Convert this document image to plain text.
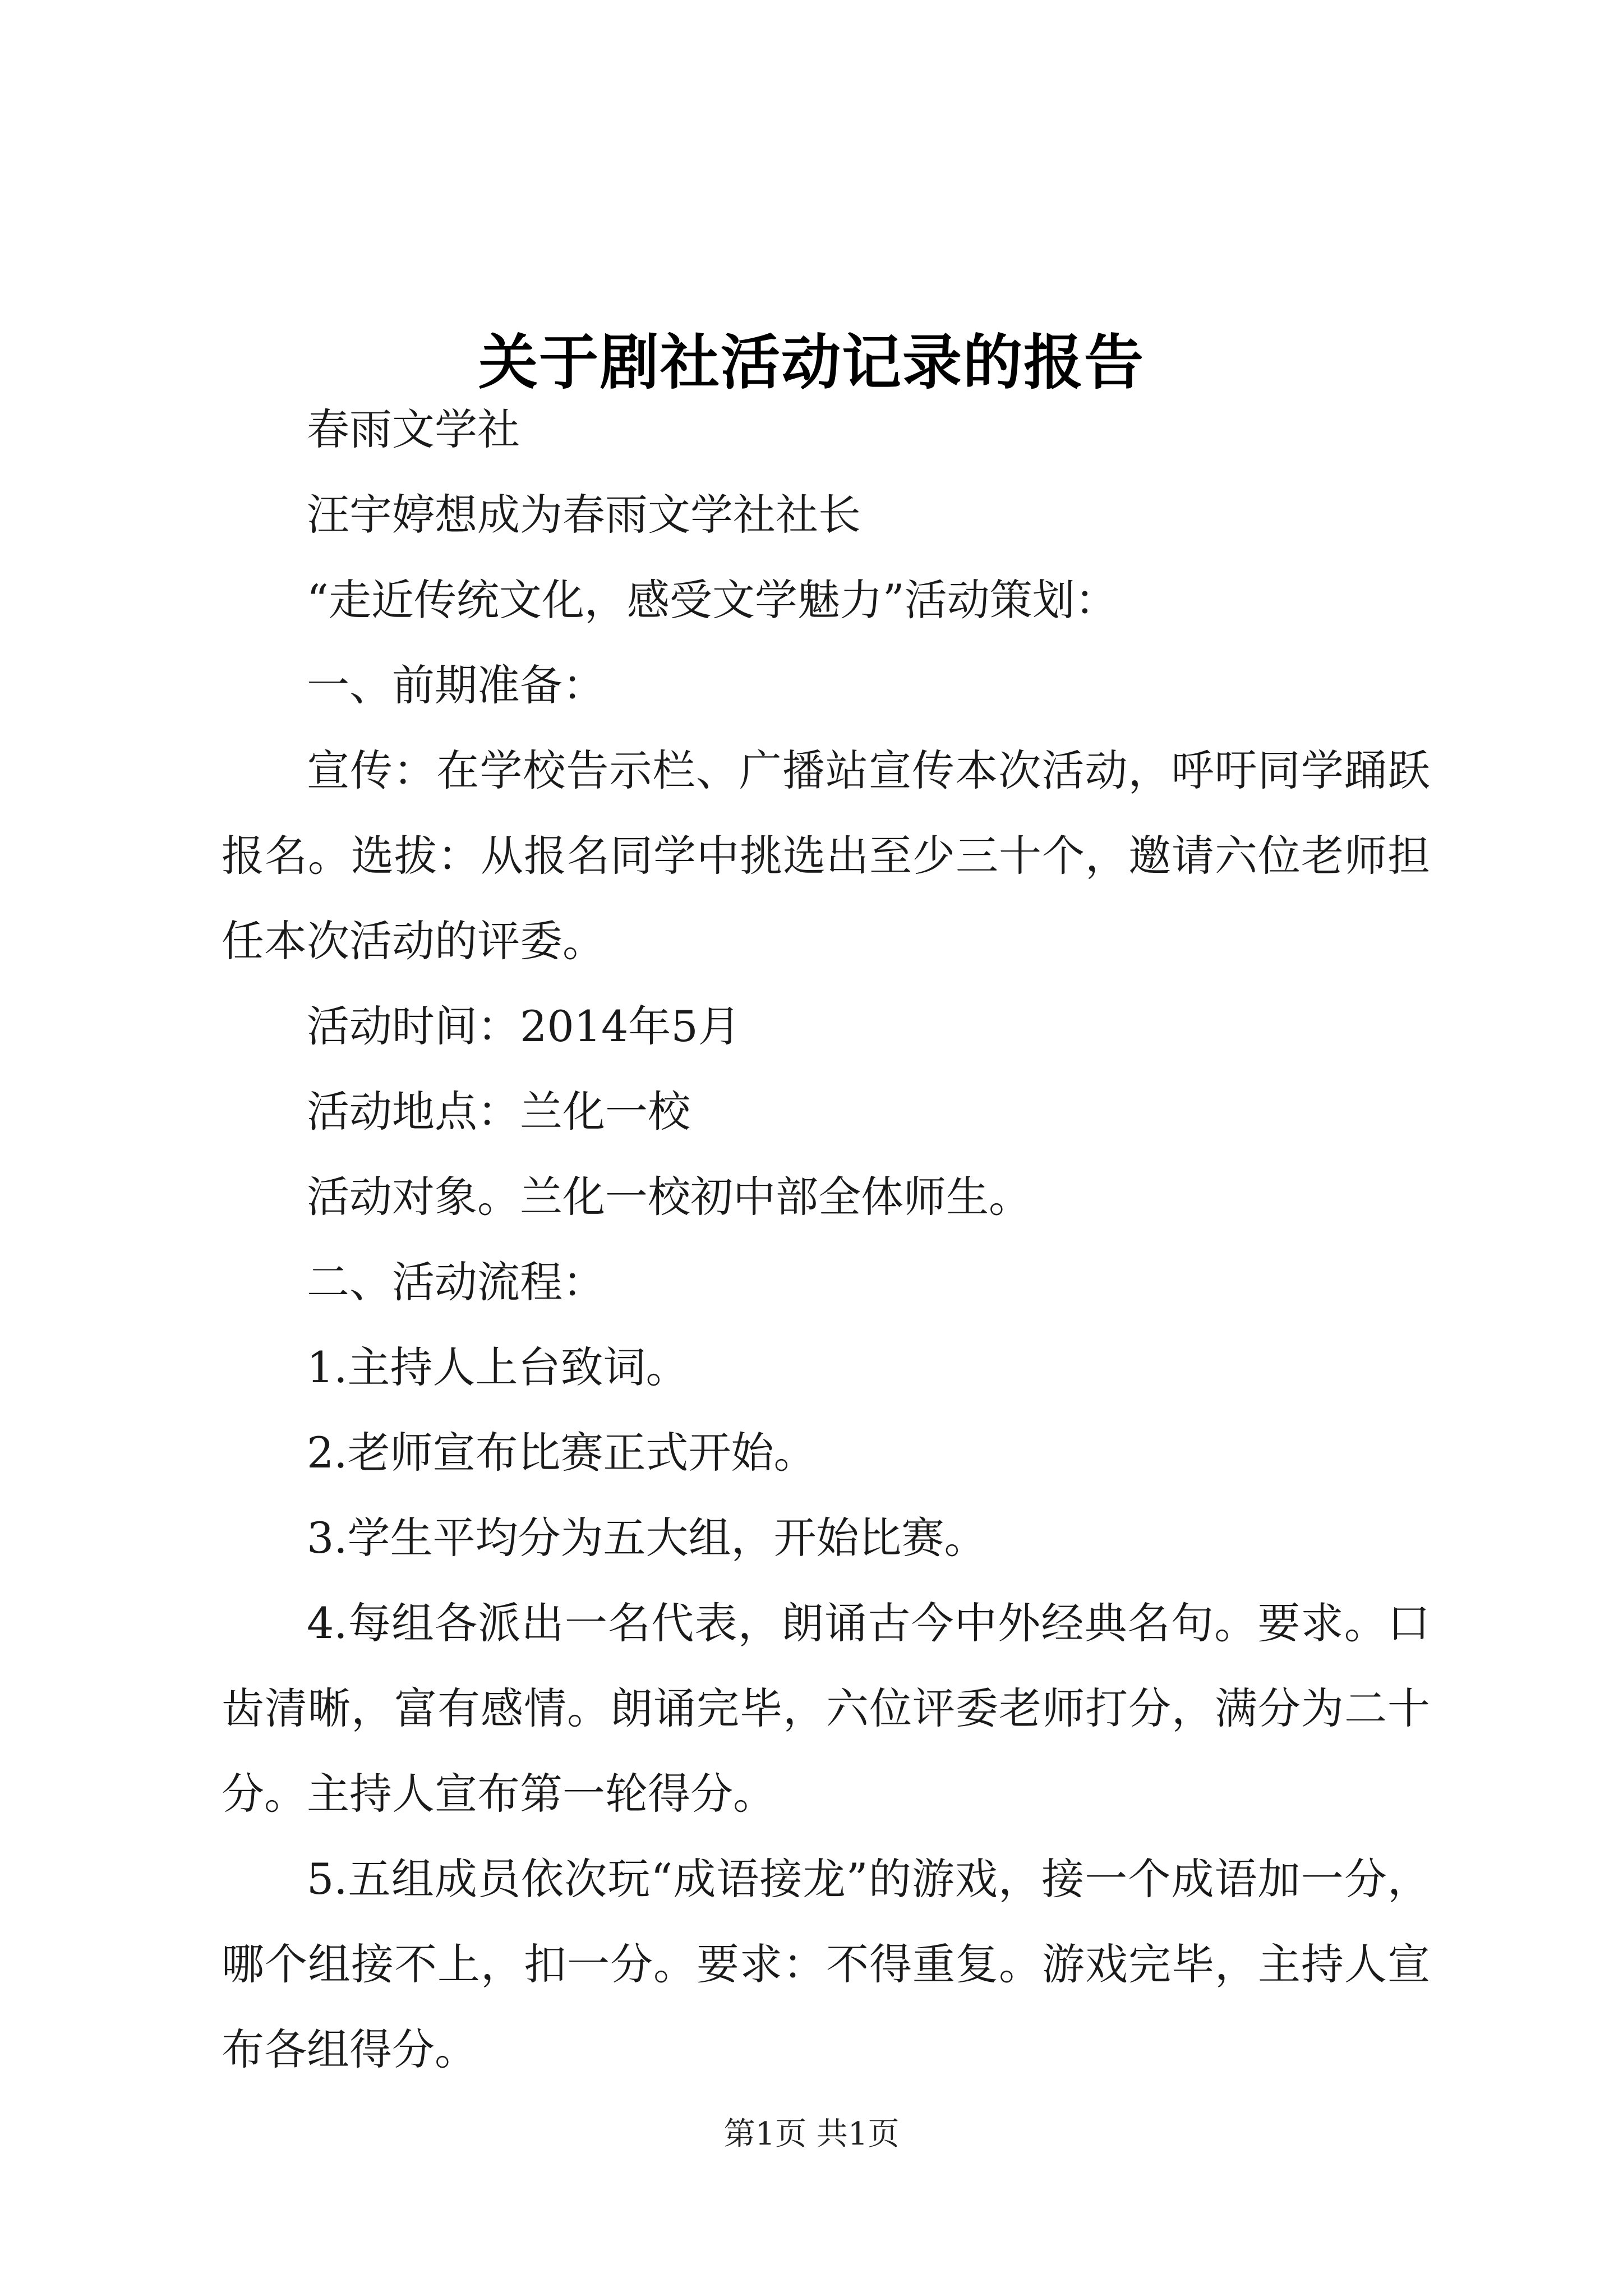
关于剧社活动记录的报告

春雨文学社

汪宇婷想成为春雨文学社社长

“走近传统文化，感受文学魅力”活动策划：

一、前期准备：

宣传：在学校告示栏、广播站宣传本次活动，呼吁同学踊跃报名。选拔：从报名同学中挑选出至少三十个，邀请六位老师担任本次活动的评委。

活动时间：2014年5月

活动地点：兰化一校

活动对象。兰化一校初中部全体师生。

二、活动流程：

1.主持人上台致词。

2.老师宣布比赛正式开始。

3.学生平均分为五大组，开始比赛。

4.每组各派出一名代表，朗诵古今中外经典名句。要求。口齿清晰，富有感情。朗诵完毕，六位评委老师打分，满分为二十分。主持人宣布第一轮得分。

5.五组成员依次玩“成语接龙”的游戏，接一个成语加一分，哪个组接不上，扣一分。要求：不得重复。游戏完毕，主持人宣布各组得分。

第1页 共1页
